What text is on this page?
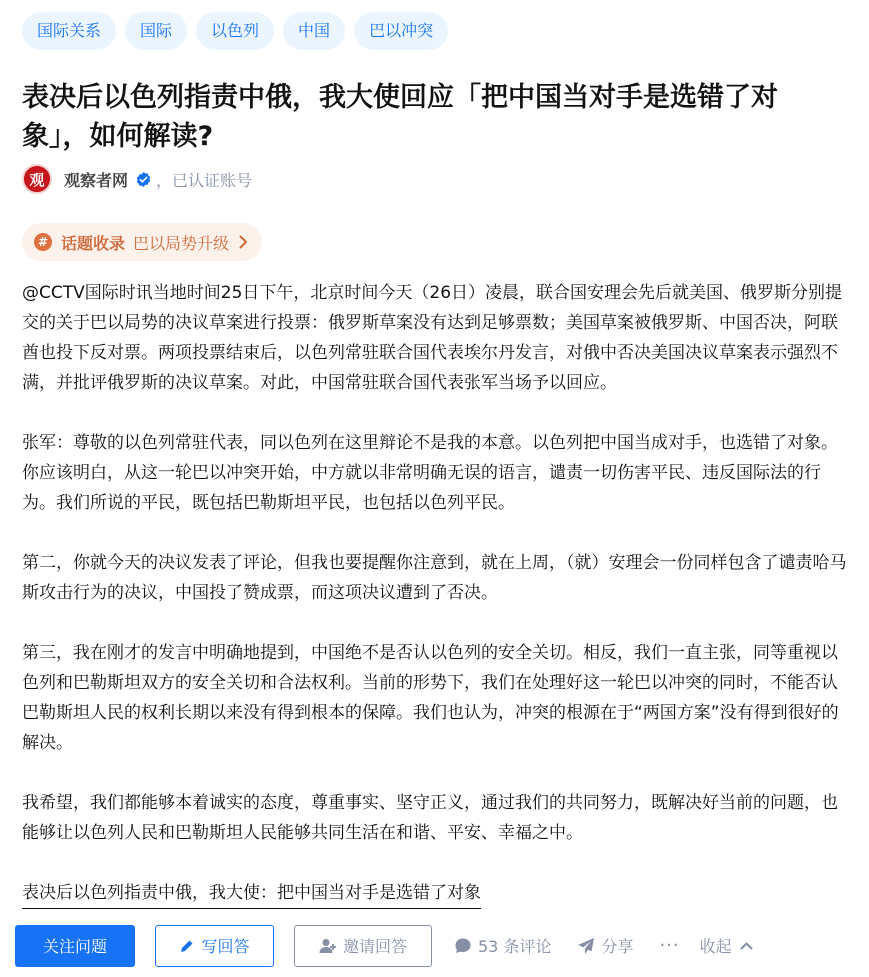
国际关系	国际	以色列	中国	巴以冲突
表决后以色列指责中俄，我大使回应「把中国当对手是选错了对象」，如何解读?
观 观察者网 ，已认证账号
# 话题收录 巴以局势升级

@CCTV国际时讯当地时间25日下午，北京时间今天（26日）凌晨，联合国安理会先后就美国、俄罗斯分别提交的关于巴以局势的决议草案进行投票：俄罗斯草案没有达到足够票数；美国草案被俄罗斯、中国否决，阿联酋也投下反对票。两项投票结束后，以色列常驻联合国代表埃尔丹发言，对俄中否决美国决议草案表示强烈不满，并批评俄罗斯的决议草案。对此，中国常驻联合国代表张军当场予以回应。

张军：尊敬的以色列常驻代表，同以色列在这里辩论不是我的本意。以色列把中国当成对手，也选错了对象。你应该明白，从这一轮巴以冲突开始，中方就以非常明确无误的语言，谴责一切伤害平民、违反国际法的行为。我们所说的平民，既包括巴勒斯坦平民，也包括以色列平民。

第二，你就今天的决议发表了评论，但我也要提醒你注意到，就在上周，（就）安理会一份同样包含了谴责哈马斯攻击行为的决议，中国投了赞成票，而这项决议遭到了否决。

第三，我在刚才的发言中明确地提到，中国绝不是否认以色列的安全关切。相反，我们一直主张，同等重视以色列和巴勒斯坦双方的安全关切和合法权利。当前的形势下，我们在处理好这一轮巴以冲突的同时，不能否认巴勒斯坦人民的权利长期以来没有得到根本的保障。我们也认为，冲突的根源在于“两国方案”没有得到很好的解决。

我希望，我们都能够本着诚实的态度，尊重事实、坚守正义，通过我们的共同努力，既解决好当前的问题，也能够让以色列人民和巴勒斯坦人民能够共同生活在和谐、平安、幸福之中。

表决后以色列指责中俄，我大使：把中国当对手是选错了对象
关注问题	写回答	邀请回答	53 条评论	分享 ··· 收起
